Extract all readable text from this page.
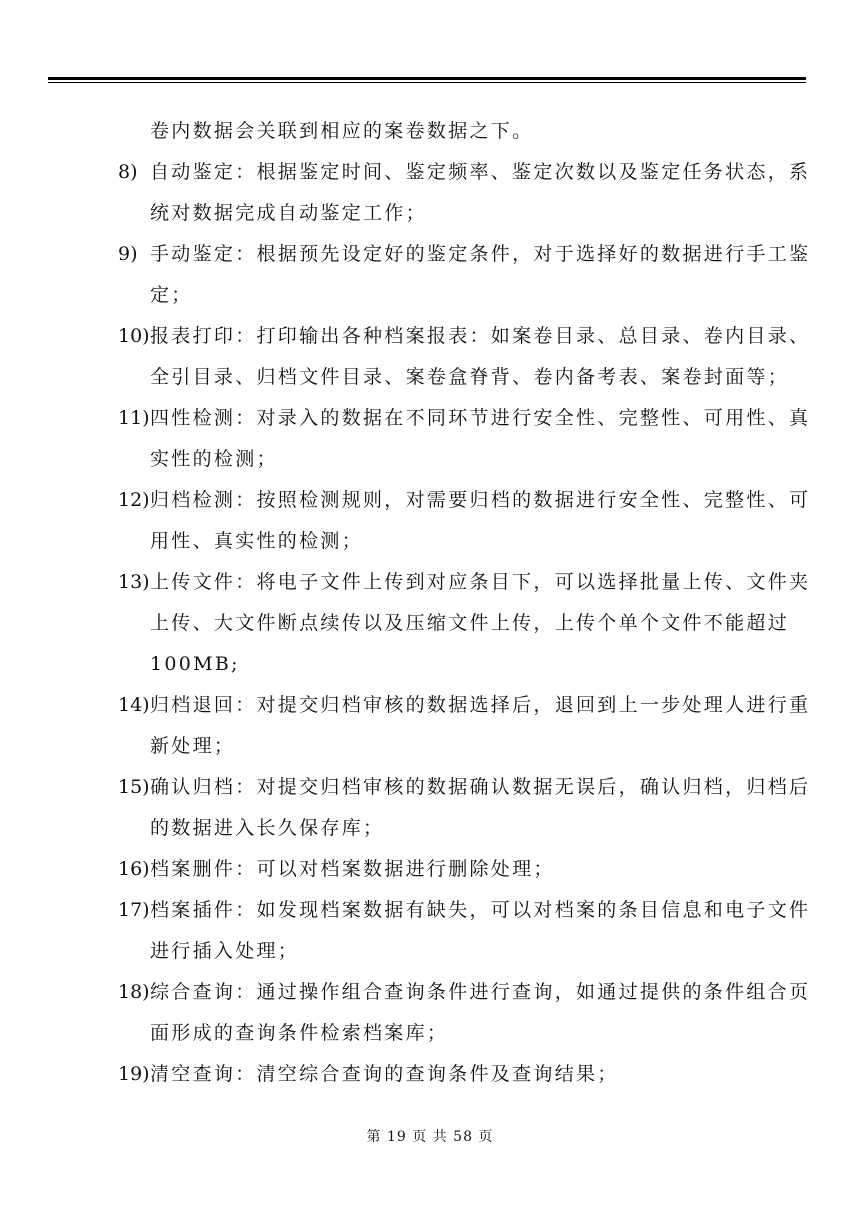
卷内数据会关联到相应的案卷数据之下。
8) 自动鉴定：根据鉴定时间、鉴定频率、鉴定次数以及鉴定任务状态，系
统对数据完成自动鉴定工作；
9) 手动鉴定：根据预先设定好的鉴定条件，对于选择好的数据进行手工鉴
定；
10) 报表打印：打印输出各种档案报表：如案卷目录、总目录、卷内目录、
全引目录、归档文件目录、案卷盒脊背、卷内备考表、案卷封面等；
11) 四性检测：对录入的数据在不同环节进行安全性、完整性、可用性、真
实性的检测；
12) 归档检测：按照检测规则，对需要归档的数据进行安全性、完整性、可
用性、真实性的检测；
13) 上传文件：将电子文件上传到对应条目下，可以选择批量上传、文件夹
上传、大文件断点续传以及压缩文件上传，上传个单个文件不能超过
100MB;
14) 归档退回：对提交归档审核的数据选择后，退回到上一步处理人进行重
新处理；
15) 确认归档：对提交归档审核的数据确认数据无误后，确认归档，归档后
的数据进入长久保存库；
16) 档案删件：可以对档案数据进行删除处理；
17) 档案插件：如发现档案数据有缺失，可以对档案的条目信息和电子文件
进行插入处理；
18) 综合查询：通过操作组合查询条件进行查询，如通过提供的条件组合页
面形成的查询条件检索档案库；
19) 清空查询：清空综合查询的查询条件及查询结果；
第 19 页 共 58 页
